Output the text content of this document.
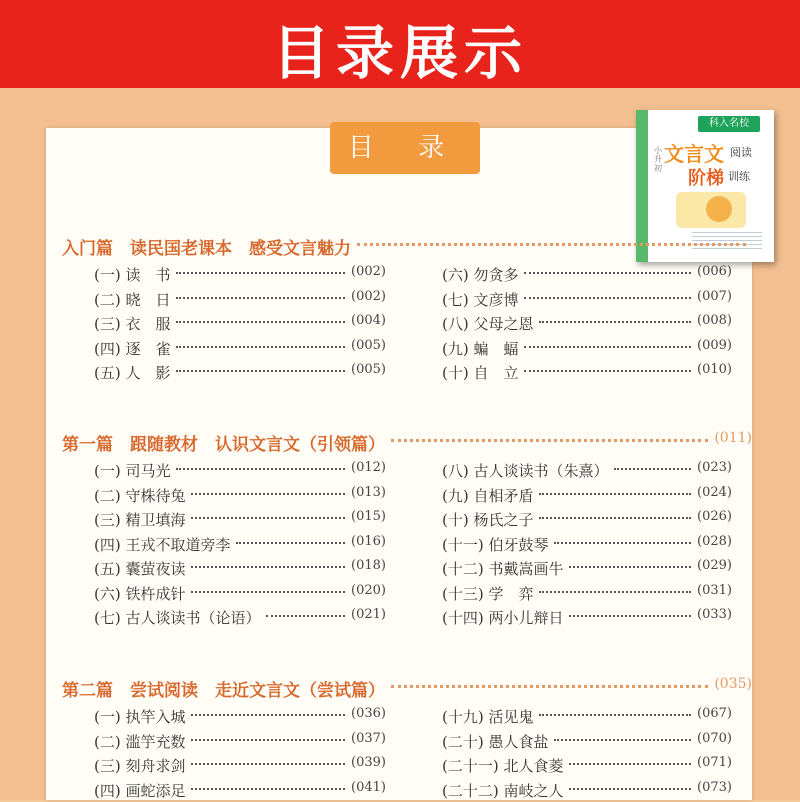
目录展示
目 录
科入名校
小升初
文言文 阅读
阶梯 训练
入门篇　读民国老课本　感受文言魅力
(一) 读　书	(002)
(二) 晓　日	(002)
(三) 衣　服	(004)
(四) 逐　雀	(005)
(五) 人　影	(005)
(六) 勿贪多	(006)
(七) 文彦博	(007)
(八) 父母之恩	(008)
(九) 蝙　蝠	(009)
(十) 自　立	(010)
第一篇　跟随教材　认识文言文（引领篇）	(011)
(一) 司马光	(012)
(二) 守株待兔	(013)
(三) 精卫填海	(015)
(四) 王戎不取道旁李	(016)
(五) 囊萤夜读	(018)
(六) 铁杵成针	(020)
(七) 古人谈读书（论语）	(021)
(八) 古人谈读书（朱熹）	(023)
(九) 自相矛盾	(024)
(十) 杨氏之子	(026)
(十一) 伯牙鼓琴	(028)
(十二) 书戴嵩画牛	(029)
(十三) 学　弈	(031)
(十四) 两小儿辩日	(033)
第二篇　尝试阅读　走近文言文（尝试篇）	(035)
(一) 执竿入城	(036)
(二) 滥竽充数	(037)
(三) 刻舟求剑	(039)
(四) 画蛇添足	(041)
(十九) 活见鬼	(067)
(二十) 愚人食盐	(070)
(二十一) 北人食菱	(071)
(二十二) 南岐之人	(073)
